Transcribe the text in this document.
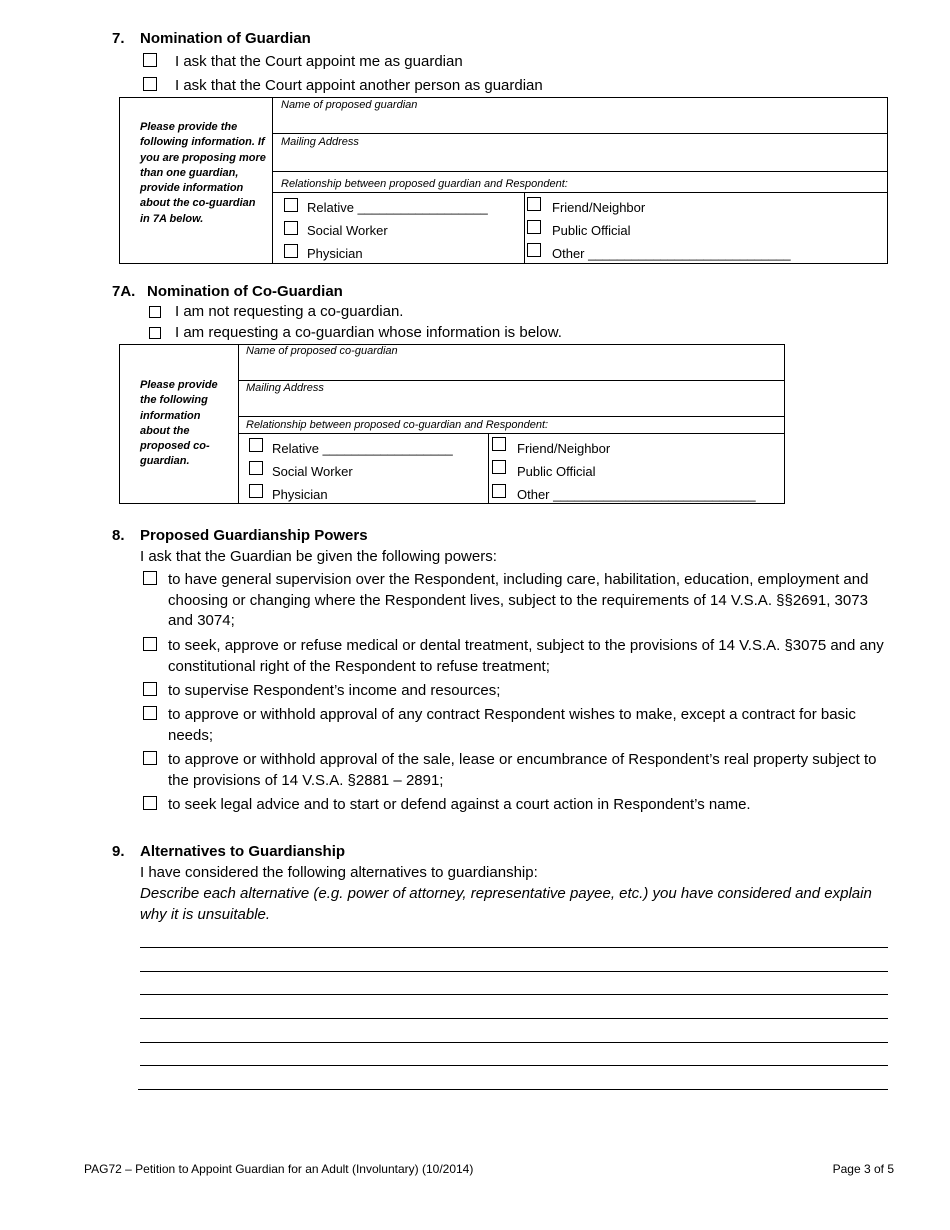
7. Nomination of Guardian
I ask that the Court appoint me as guardian
I ask that the Court appoint another person as guardian
Please provide the following information. If you are proposing more than one guardian, provide information about the co-guardian in 7A below.
Name of proposed guardian
Mailing Address
Relationship between proposed guardian and Respondent:
Relative __________________
Social Worker
Physician
Friend/Neighbor
Public Official
Other ____________________________
7A. Nomination of Co-Guardian
I am not requesting a co-guardian.
I am requesting a co-guardian whose information is below.
Please provide the following information about the proposed co-guardian.
Name of proposed co-guardian
Mailing Address
Relationship between proposed co-guardian and Respondent:
Relative __________________
Social Worker
Physician
Friend/Neighbor
Public Official
Other ____________________________
8. Proposed Guardianship Powers
I ask that the Guardian be given the following powers:
to have general supervision over the Respondent, including care, habilitation, education, employment and choosing or changing where the Respondent lives, subject to the requirements of 14 V.S.A. §§2691, 3073 and 3074;
to seek, approve or refuse medical or dental treatment, subject to the provisions of 14 V.S.A. §3075 and any constitutional right of the Respondent to refuse treatment;
to supervise Respondent’s income and resources;
to approve or withhold approval of any contract Respondent wishes to make, except a contract for basic needs;
to approve or withhold approval of the sale, lease or encumbrance of Respondent’s real property subject to the provisions of 14 V.S.A. §2881 – 2891;
to seek legal advice and to start or defend against a court action in Respondent’s name.
9. Alternatives to Guardianship
I have considered the following alternatives to guardianship:
Describe each alternative (e.g. power of attorney, representative payee, etc.) you have considered and explain why it is unsuitable.
PAG72 – Petition to Appoint Guardian for an Adult (Involuntary) (10/2014)	Page 3 of 5
